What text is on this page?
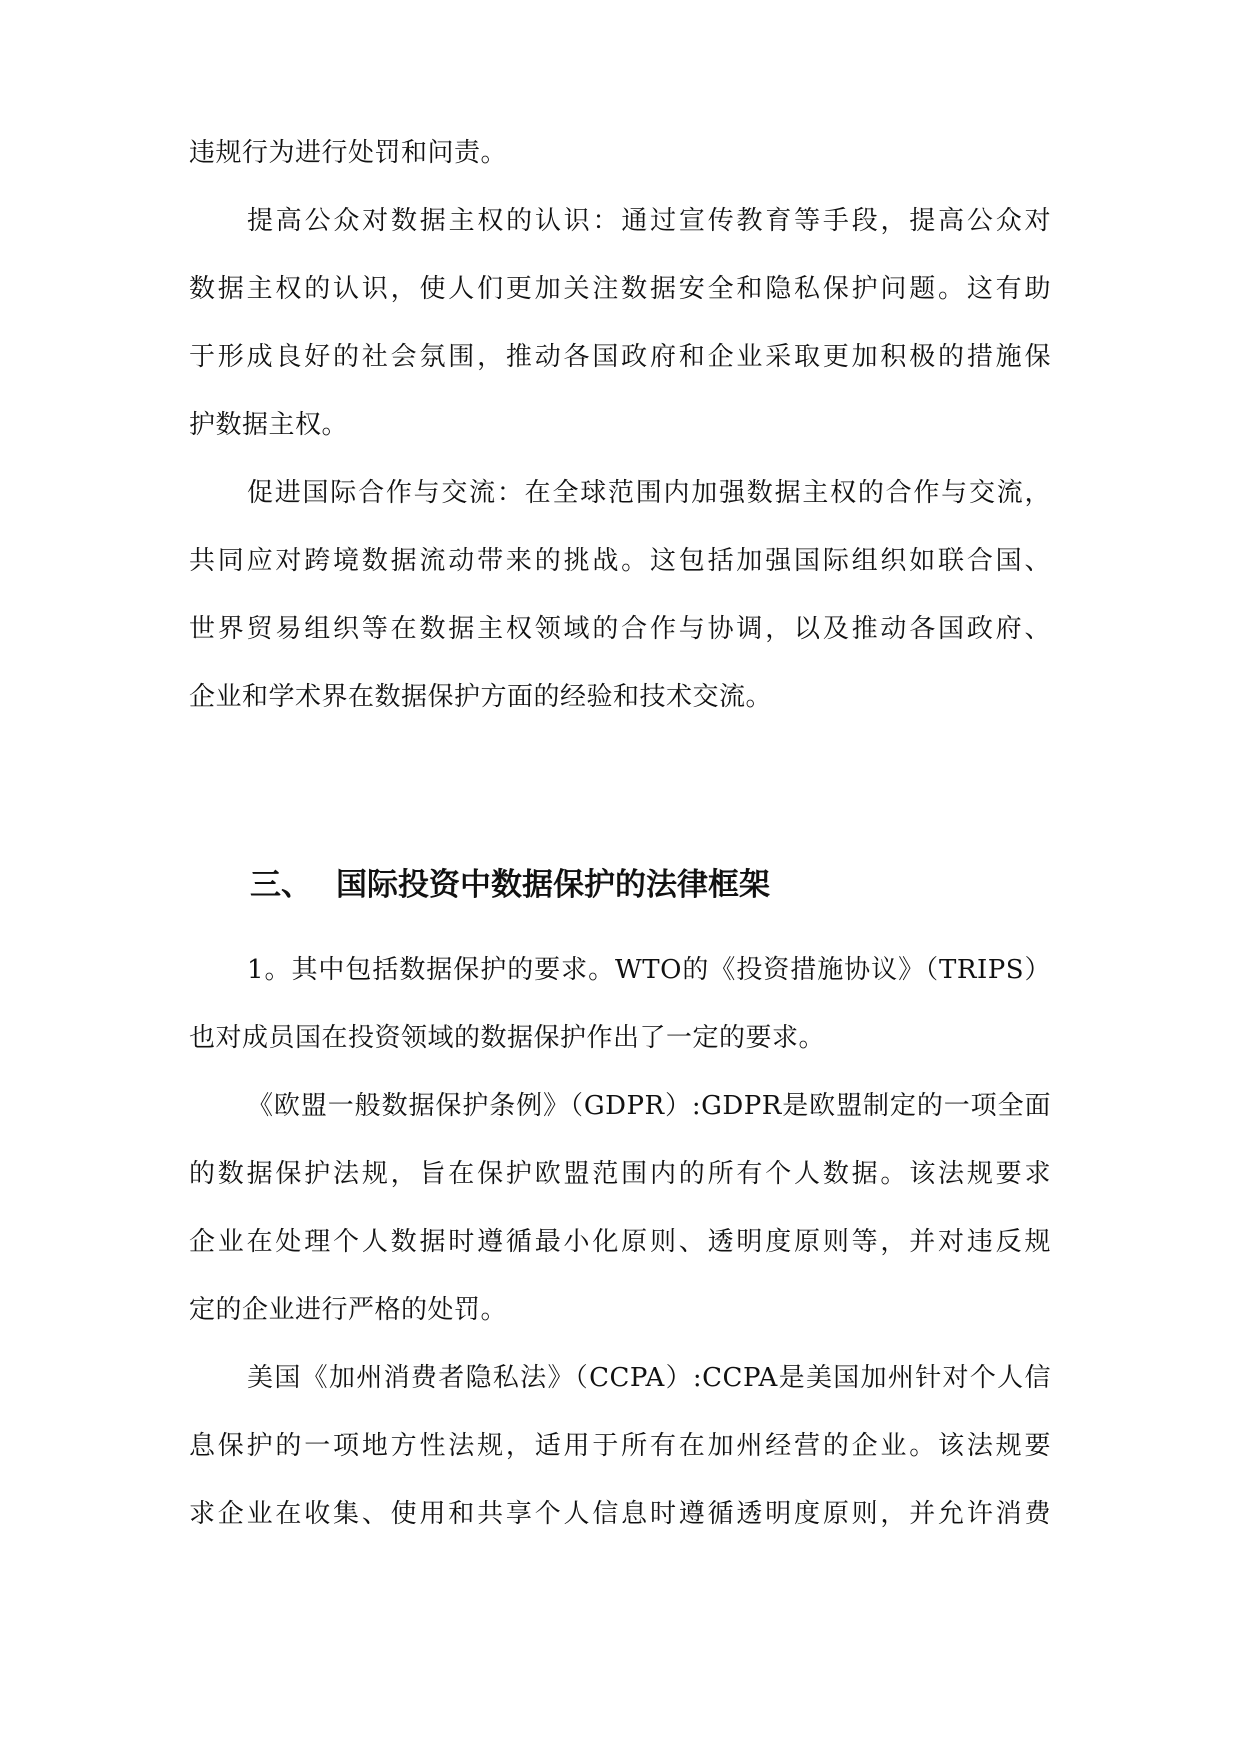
违规行为进行处罚和问责。
提高公众对数据主权的认识：通过宣传教育等手段，提高公众对
数据主权的认识，使人们更加关注数据安全和隐私保护问题。这有助
于形成良好的社会氛围，推动各国政府和企业采取更加积极的措施保
护数据主权。
促进国际合作与交流：在全球范围内加强数据主权的合作与交流，
共同应对跨境数据流动带来的挑战。这包括加强国际组织如联合国、
世界贸易组织等在数据主权领域的合作与协调，以及推动各国政府、
企业和学术界在数据保护方面的经验和技术交流。
三、 国际投资中数据保护的法律框架
1。其中包括数据保护的要求。WTO的《投资措施协议》（TRIPS）
也对成员国在投资领域的数据保护作出了一定的要求。
《欧盟一般数据保护条例》（GDPR）:GDPR是欧盟制定的一项全面
的数据保护法规，旨在保护欧盟范围内的所有个人数据。该法规要求
企业在处理个人数据时遵循最小化原则、透明度原则等，并对违反规
定的企业进行严格的处罚。
美国《加州消费者隐私法》（CCPA）:CCPA是美国加州针对个人信
息保护的一项地方性法规，适用于所有在加州经营的企业。该法规要
求企业在收集、使用和共享个人信息时遵循透明度原则，并允许消费
